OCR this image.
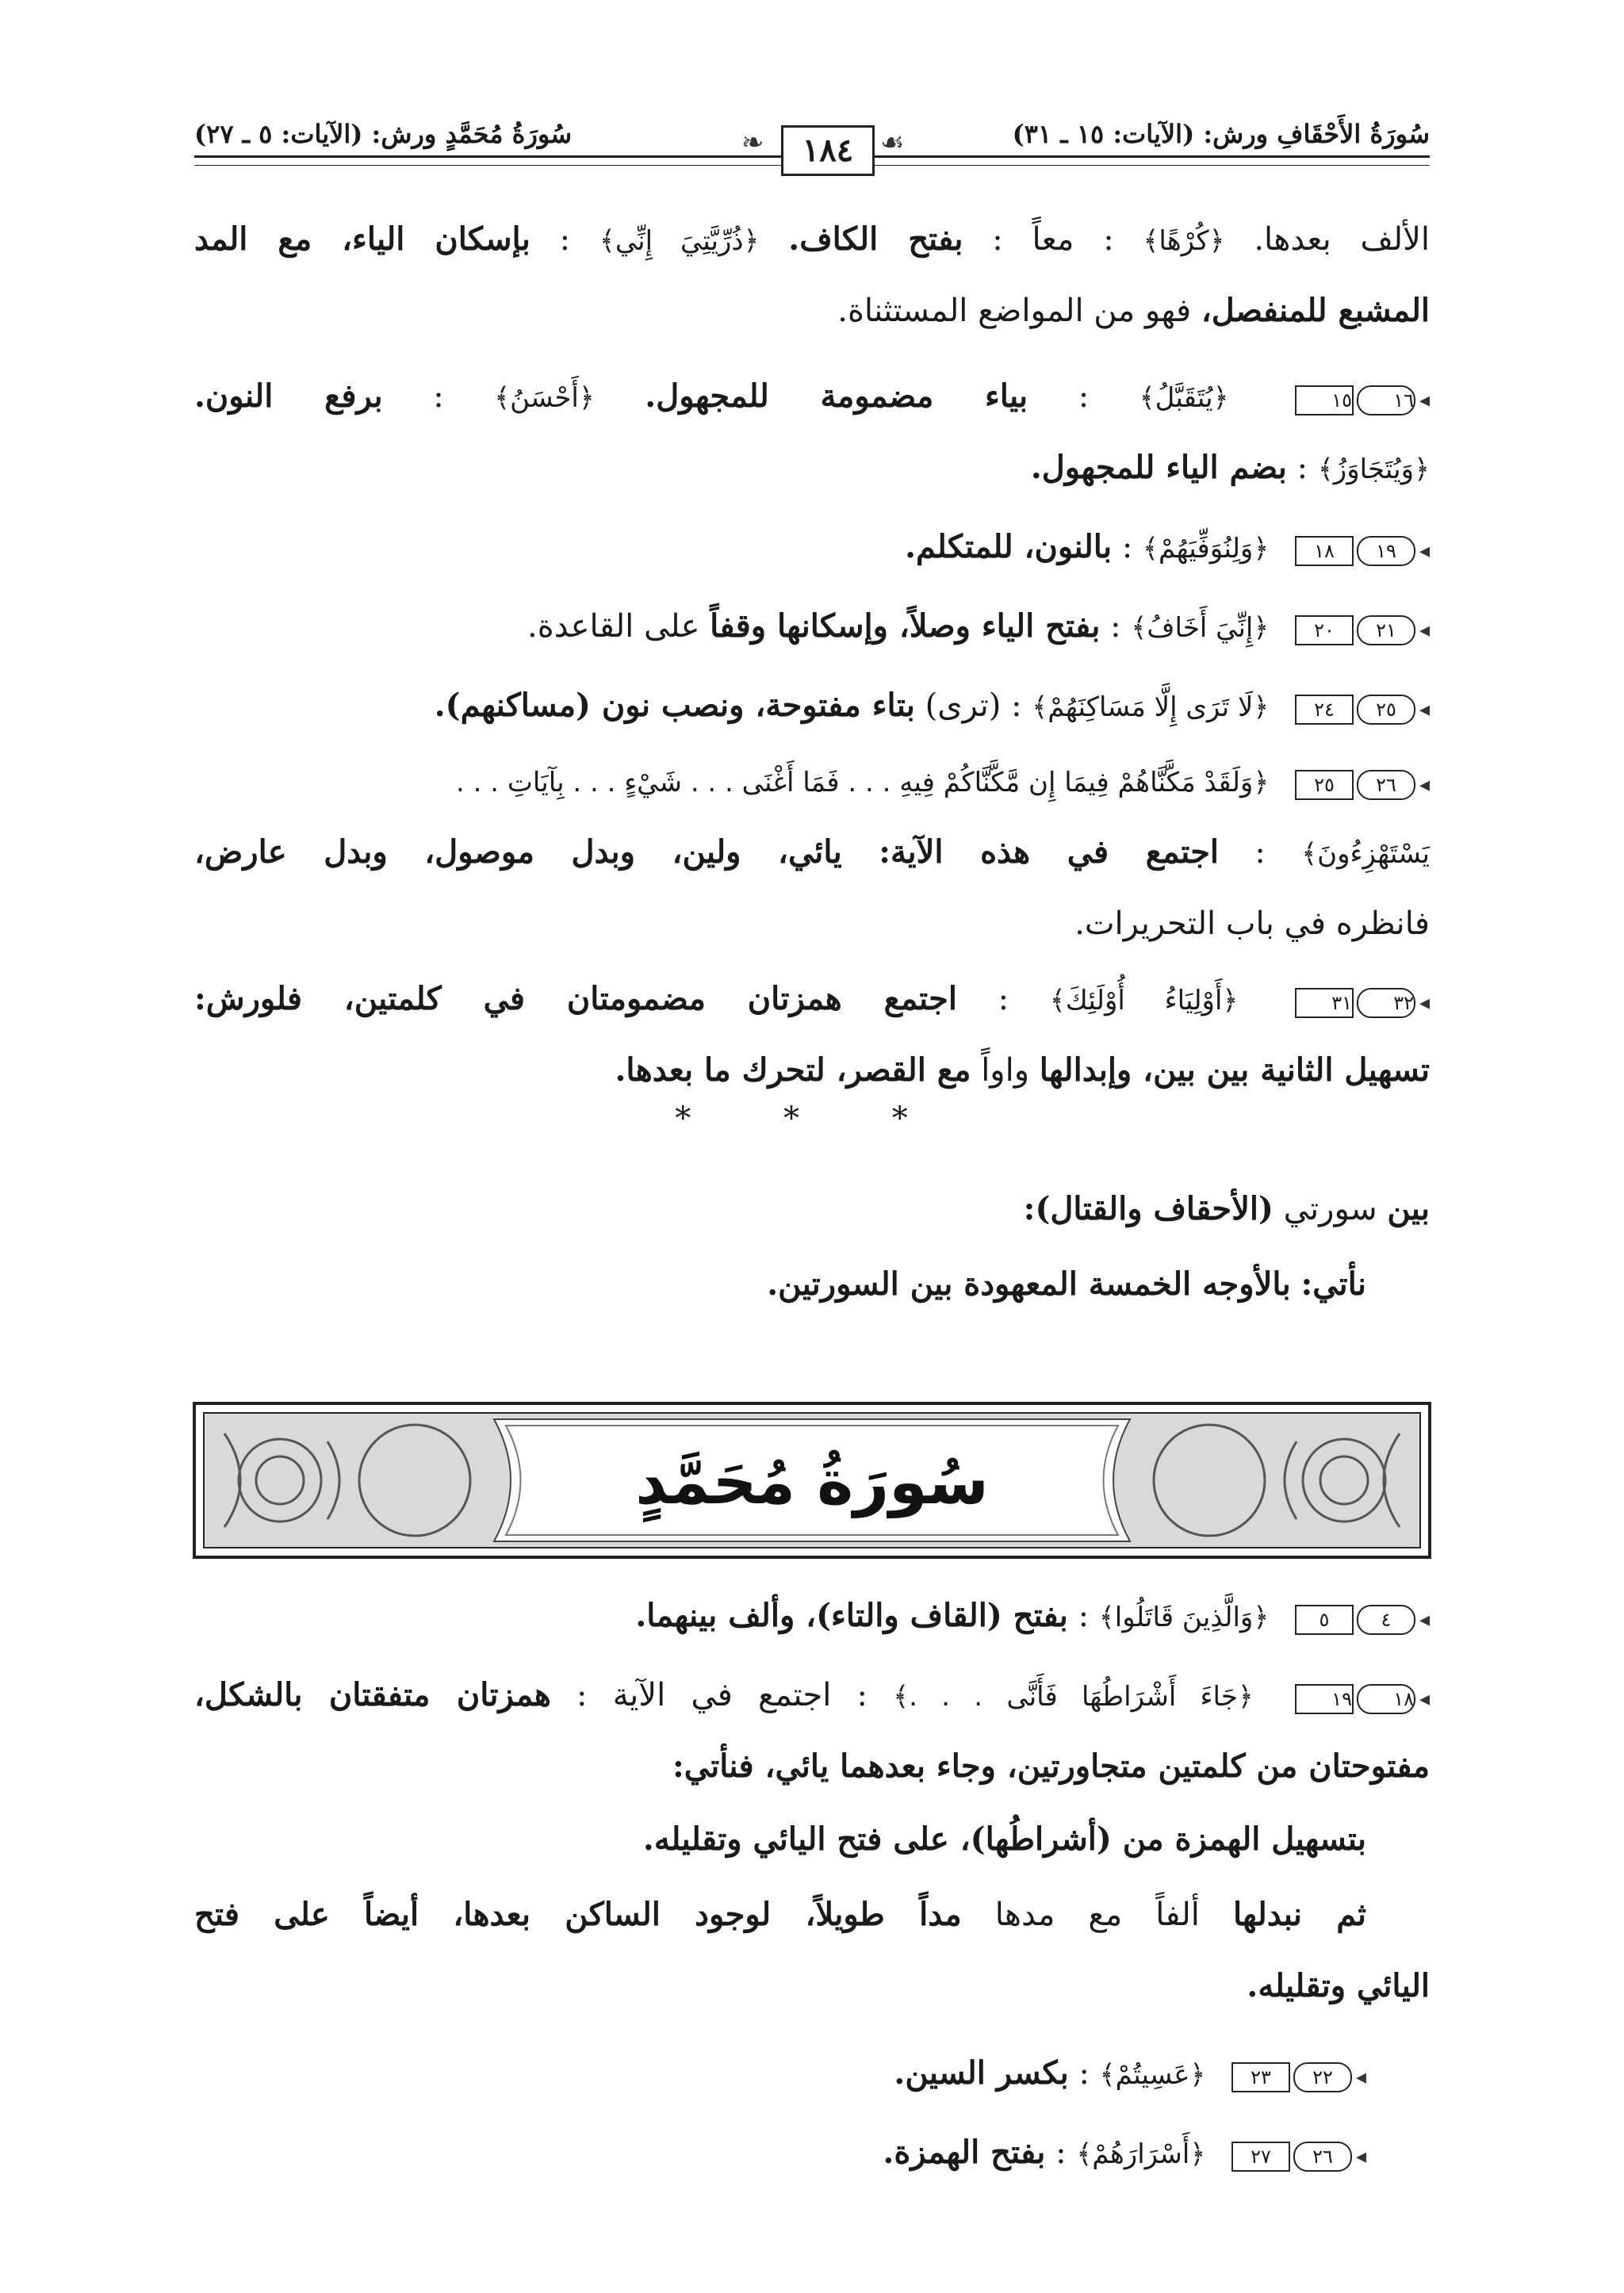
سُورَةُ الأَحْقَافِ ورش: (الآيات: ١٥ ـ ٣١)
سُورَةُ مُحَمَّدٍ ورش: (الآيات: ٥ ـ ٢٧)	❧	☙
١٨٤
الألف بعدها. ﴿كُرْهًا﴾ : معاً : بفتح الكاف. ﴿ذُرِّيَّتِيَ إِنِّي﴾ : بإسكان الياء، مع المد
المشبع للمنفصل، فهو من المواضع المستثناة.
◂١٦١٥ ﴿يُتَقَبَّلُ﴾ : بياء مضمومة للمجهول. ﴿أَحْسَنُ﴾ : برفع النون.
﴿وَيُتَجَاوَزُ﴾ : بضم الياء للمجهول.
◂١٩١٨ ﴿وَلِنُوَفِّيَهُمْ﴾ : بالنون، للمتكلم.
◂٢١٢٠ ﴿إِنِّيَ أَخَافُ﴾ : بفتح الياء وصلاً، وإسكانها وقفاً على القاعدة.
◂٢٥٢٤ ﴿لَا تَرَى إِلَّا مَسَاكِنَهُمْ﴾ : (ترى) بتاء مفتوحة، ونصب نون (مساكنهم).
◂٢٦٢٥ ﴿وَلَقَدْ مَكَّنَّاهُمْ فِيمَا إِن مَّكَّنَّاكُمْ فِيهِ . . . فَمَا أَغْنَى . . . شَيْءٍ . . . بِآيَاتِ . . .
يَسْتَهْزِءُونَ﴾ : اجتمع في هذه الآية: يائي، ولين، وبدل موصول، وبدل عارض،
فانظره في باب التحريرات.
◂٣٢٣١ ﴿أَوْلِيَاءُ أُوْلَئِكَ﴾ : اجتمع همزتان مضمومتان في كلمتين، فلورش:
تسهيل الثانية بين بين، وإبدالها واواً مع القصر، لتحرك ما بعدها.
* * *
بين سورتي (الأحقاف والقتال):
نأتي: بالأوجه الخمسة المعهودة بين السورتين.
سُورَةُ مُحَمَّدٍ
◂٤٥ ﴿وَالَّذِينَ قَاتَلُوا﴾ : بفتح (القاف والتاء)، وألف بينهما.
◂١٨١٩ ﴿جَاءَ أَشْرَاطُهَا فَأَنَّى . . .﴾ : اجتمع في الآية : همزتان متفقتان بالشكل،
مفتوحتان من كلمتين متجاورتين، وجاء بعدهما يائي، فنأتي:
بتسهيل الهمزة من (أشراطُها)، على فتح اليائي وتقليله.
ثم نبدلها ألفاً مع مدها مداً طويلاً، لوجود الساكن بعدها، أيضاً على فتح
اليائي وتقليله.
◂٢٢٢٣ ﴿عَسِيتُمْ﴾ : بكسر السين.
◂٢٦٢٧ ﴿أَسْرَارَهُمْ﴾ : بفتح الهمزة.
